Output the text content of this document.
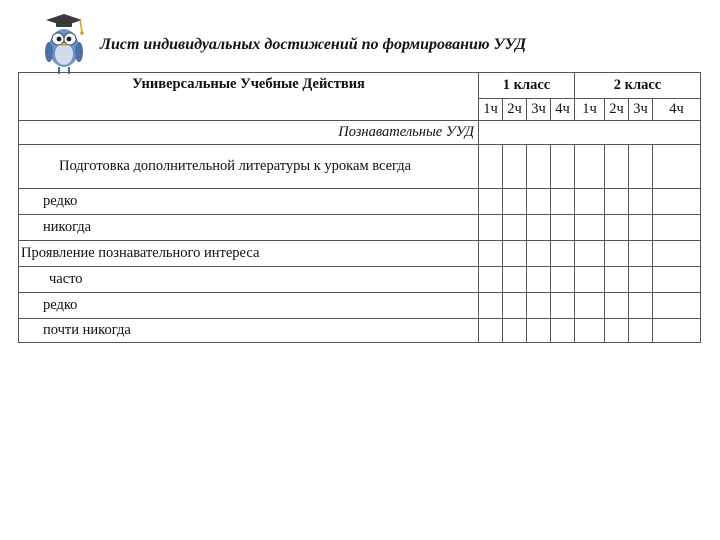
Лист индивидуальных достижений по формированию УУД
Универсальные Учебные Действия	1 класс				2 класс			
	1ч	2ч	3ч	4ч	1ч	2ч	3ч	4ч
Познавательные УУД								
Подготовка дополнительной литературы к урокам всегда								
редко								
никогда								
Проявление познавательного интереса								
часто								
редко								
почти никогда								
